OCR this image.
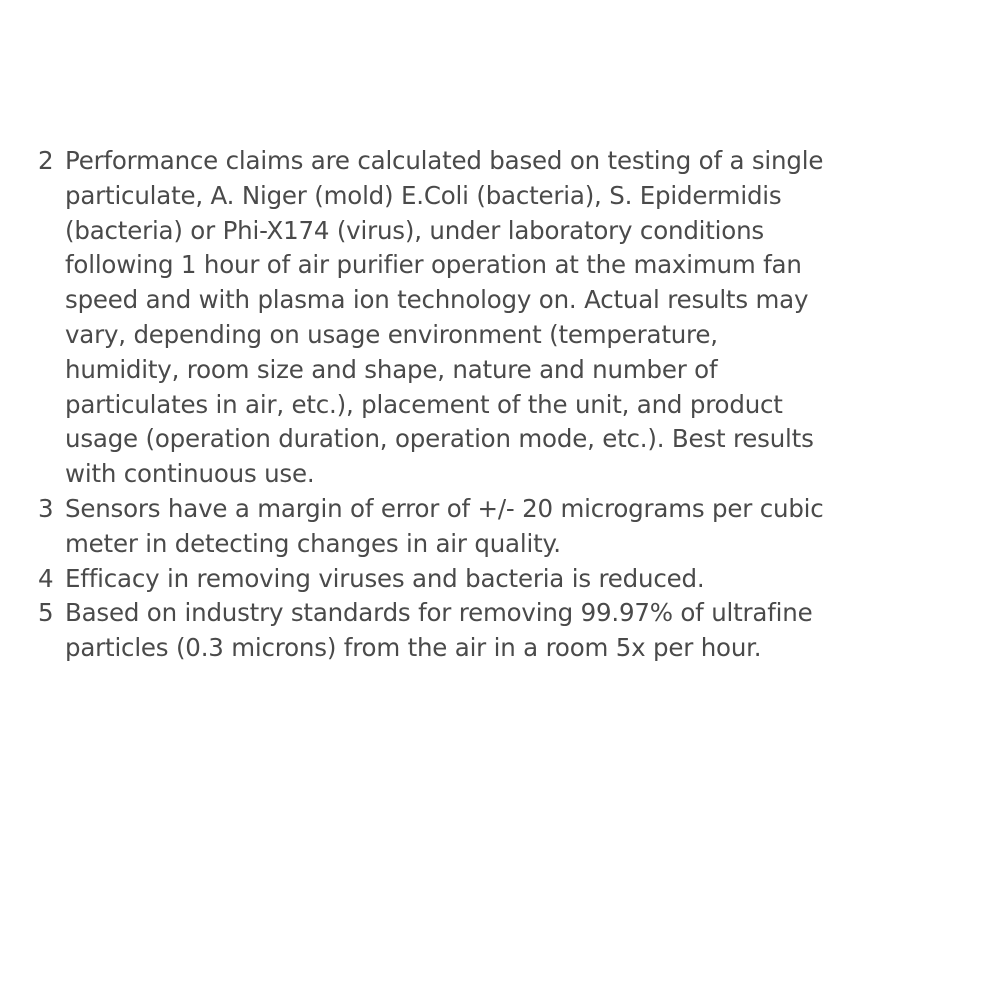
2 Performance claims are calculated based on testing of a single
particulate, A. Niger (mold) E.Coli (bacteria), S. Epidermidis
(bacteria) or Phi-X174 (virus), under laboratory conditions
following 1 hour of air purifier operation at the maximum fan
speed and with plasma ion technology on. Actual results may
vary, depending on usage environment (temperature,
humidity, room size and shape, nature and number of
particulates in air, etc.), placement of the unit, and product
usage (operation duration, operation mode, etc.). Best results
with continuous use.
3 Sensors have a margin of error of +/- 20 micrograms per cubic
meter in detecting changes in air quality.
4 Efficacy in removing viruses and bacteria is reduced.
5 Based on industry standards for removing 99.97% of ultrafine
particles (0.3 microns) from the air in a room 5x per hour.
